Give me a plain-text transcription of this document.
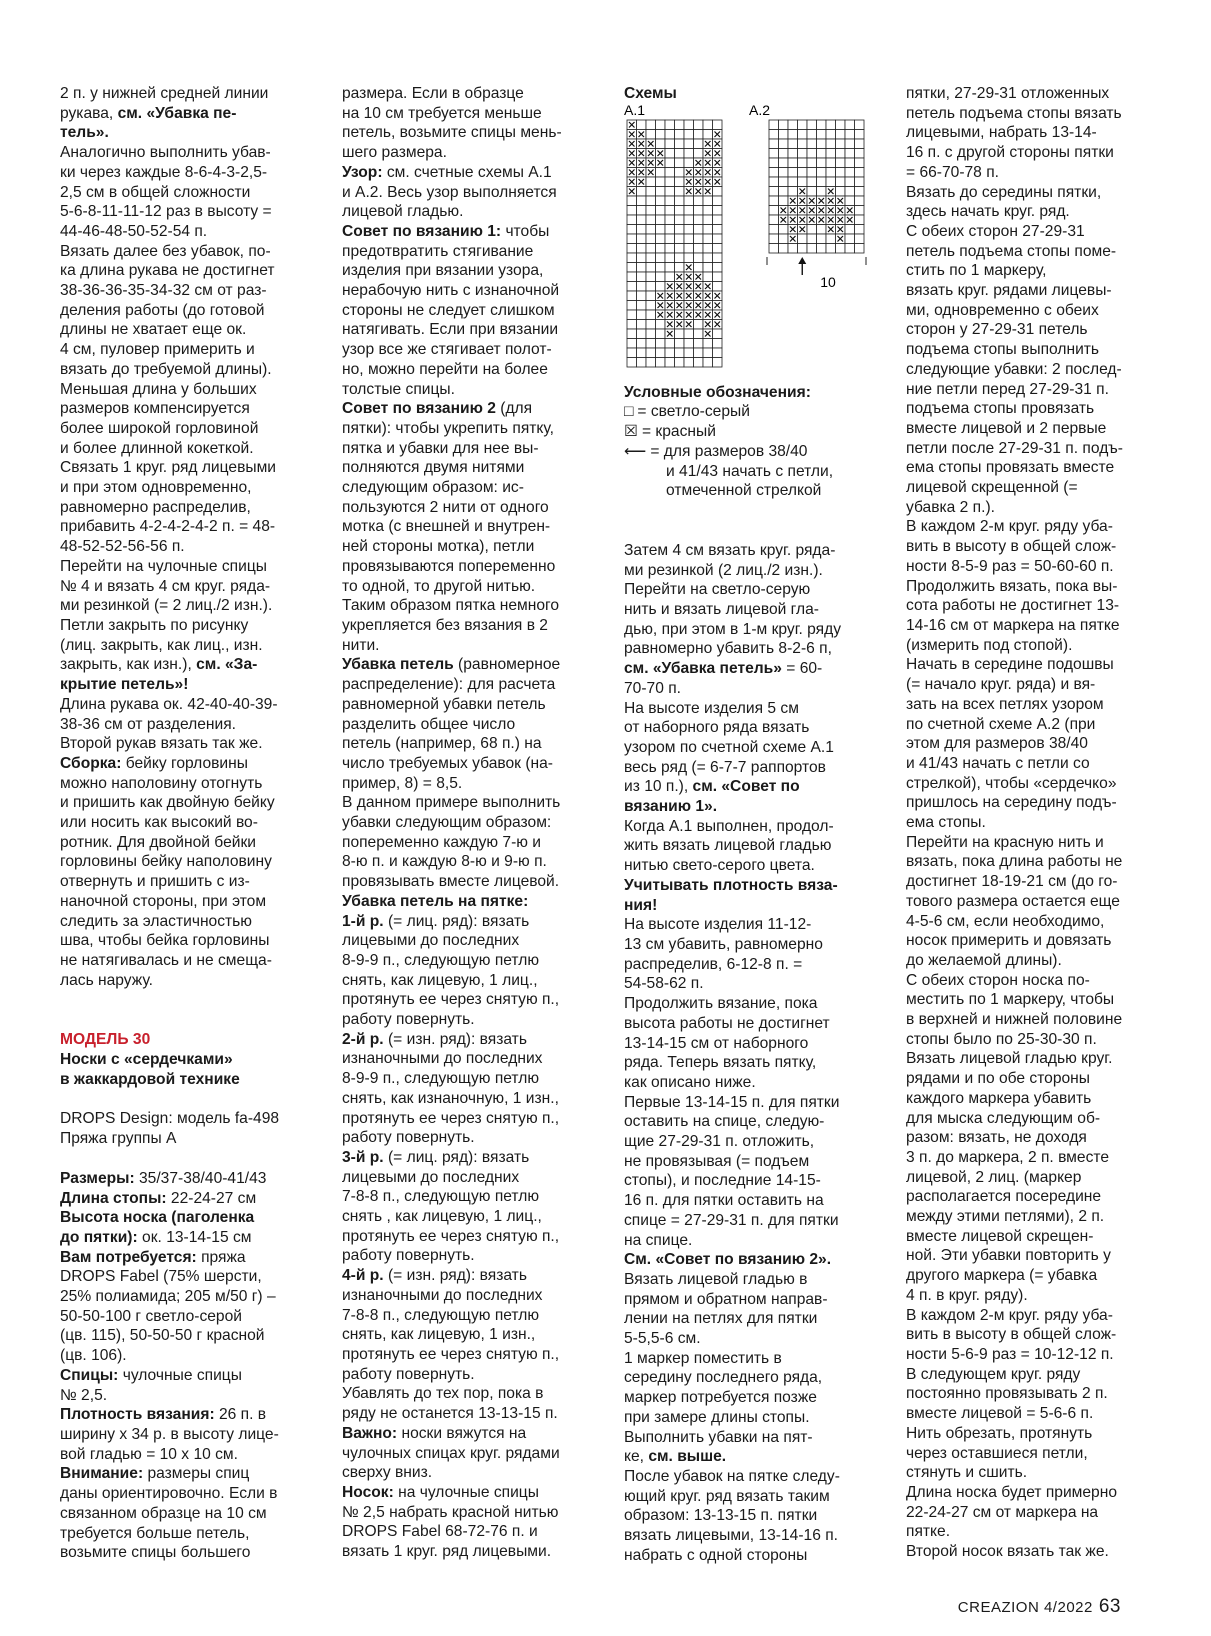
2 п. у нижней средней линии

рукава, см. «Убавка пе-

тель».

Аналогично выполнить убав-

ки через каждые 8-6-4-3-2,5-

2,5 см в общей сложности

5-6-8-11-11-12 раз в высоту =

44-46-48-50-52-54 п.

Вязать далее без убавок, по-

ка длина рукава не достигнет

38-36-36-35-34-32 см от раз-

деления работы (до готовой

длины не хватает еще ок.

4 см, пуловер примерить и

вязать до требуемой длины).

Меньшая длина у больших

размеров компенсируется

более широкой горловиной

и более длинной кокеткой.

Связать 1 круг. ряд лицевыми

и при этом одновременно,

равномерно распределив,

прибавить 4-2-4-2-4-2 п. = 48-

48-52-52-56-56 п.

Перейти на чулочные спицы

№ 4 и вязать 4 см круг. ряда-

ми резинкой (= 2 лиц./2 изн.).

Петли закрыть по рисунку

(лиц. закрыть, как лиц., изн.

закрыть, как изн.), см. «За-

крытие петель»!

Длина рукава ок. 42-40-40-39-

38-36 см от разделения.

Второй рукав вязать так же.

Сборка: бейку горловины

можно наполовину отогнуть

и пришить как двойную бейку

или носить как высокий во-

ротник. Для двойной бейки

горловины бейку наполовину

отвернуть и пришить с из-

наночной стороны, при этом

следить за эластичностью

шва, чтобы бейка горловины

не натягивалась и не смеща-

лась наружу.

МОДЕЛЬ 30

Носки с «сердечками»

в жаккардовой технике

DROPS Design: модель fa-498

Пряжа группы А

Размеры: 35/37-38/40-41/43

Длина стопы: 22-24-27 см

Высота носка (паголенка

до пятки): ок. 13-14-15 см

Вам потребуется: пряжа

DROPS Fabel (75% шерсти,

25% полиамида; 205 м/50 г) –

50-50-100 г светло-серой

(цв. 115), 50-50-50 г красной

(цв. 106).

Спицы: чулочные спицы

№ 2,5.

Плотность вязания: 26 п. в

ширину х 34 р. в высоту лице-

вой гладью = 10 х 10 см.

Внимание: размеры спиц

даны ориентировочно. Если в

связанном образце на 10 см

требуется больше петель,

возьмите спицы большего

размера. Если в образце

на 10 см требуется меньше

петель, возьмите спицы мень-

шего размера.

Узор: см. счетные схемы А.1

и А.2. Весь узор выполняется

лицевой гладью.

Совет по вязанию 1: чтобы

предотвратить стягивание

изделия при вязании узора,

нерабочую нить с изнаночной

стороны не следует слишком

натягивать. Если при вязании

узор все же стягивает полот-

но, можно перейти на более

толстые спицы.

Совет по вязанию 2 (для

пятки): чтобы укрепить пятку,

пятка и убавки для нее вы-

полняются двумя нитями

следующим образом: ис-

пользуются 2 нити от одного

мотка (с внешней и внутрен-

ней стороны мотка), петли

провязываются попеременно

то одной, то другой нитью.

Таким образом пятка немного

укрепляется без вязания в 2

нити.

Убавка петель (равномерное

распределение): для расчета

равномерной убавки петель

разделить общее число

петель (например, 68 п.) на

число требуемых убавок (на-

пример, 8) = 8,5.

В данном примере выполнить

убавки следующим образом:

попеременно каждую 7-ю и

8-ю п. и каждую 8-ю и 9-ю п.

провязывать вместе лицевой.

Убавка петель на пятке:

1-й р. (= лиц. ряд): вязать

лицевыми до последних

8-9-9 п., следующую петлю

снять, как лицевую, 1 лиц.,

протянуть ее через снятую п.,

работу повернуть.

2-й р. (= изн. ряд): вязать

изнаночными до последних

8-9-9 п., следующую петлю

снять, как изнаночную, 1 изн.,

протянуть ее через снятую п.,

работу повернуть.

3-й р. (= лиц. ряд): вязать

лицевыми до последних

7-8-8 п., следующую петлю

снять , как лицевую, 1 лиц.,

протянуть ее через снятую п.,

работу повернуть.

4-й р. (= изн. ряд): вязать

изнаночными до последних

7-8-8 п., следующую петлю

снять, как лицевую, 1 изн.,

протянуть ее через снятую п.,

работу повернуть.

Убавлять до тех пор, пока в

ряду не останется 13-13-15 п.

Важно: носки вяжутся на

чулочных спицах круг. рядами

сверху вниз.

Носок: на чулочные спицы

№ 2,5 набрать красной нитью

DROPS Fabel 68-72-76 п. и

вязать 1 круг. ряд лицевыми.

Схемы

А.1	А.2
10

Условные обозначения:

□ = светло-серый

☒ = красный

⟵ = для размеров 38/40

и 41/43 начать с петли,

отмеченной стрелкой

Затем 4 см вязать круг. ряда-

ми резинкой (2 лиц./2 изн.).

Перейти на светло-серую

нить и вязать лицевой гла-

дью, при этом в 1-м круг. ряду

равномерно убавить 8-2-6 п,

см. «Убавка петель» = 60-

70-70 п.

На высоте изделия 5 см

от наборного ряда вязать

узором по счетной схеме А.1

весь ряд (= 6-7-7 раппортов

из 10 п.), см. «Совет по

вязанию 1».

Когда А.1 выполнен, продол-

жить вязать лицевой гладью

нитью свето-серого цвета.

Учитывать плотность вяза-

ния!

На высоте изделия 11-12-

13 см убавить, равномерно

распределив, 6-12-8 п. =

54-58-62 п.

Продолжить вязание, пока

высота работы не достигнет

13-14-15 см от наборного

ряда. Теперь вязать пятку,

как описано ниже.

Первые 13-14-15 п. для пятки

оставить на спице, следую-

щие 27-29-31 п. отложить,

не провязывая (= подъем

стопы), и последние 14-15-

16 п. для пятки оставить на

спице = 27-29-31 п. для пятки

на спице.

См. «Совет по вязанию 2».

Вязать лицевой гладью в

прямом и обратном направ-

лении на петлях для пятки

5-5,5-6 см.

1 маркер поместить в

середину последнего ряда,

маркер потребуется позже

при замере длины стопы.

Выполнить убавки на пят-

ке, см. выше.

После убавок на пятке следу-

ющий круг. ряд вязать таким

образом: 13-13-15 п. пятки

вязать лицевыми, 13-14-16 п.

набрать с одной стороны

пятки, 27-29-31 отложенных

петель подъема стопы вязать

лицевыми, набрать 13-14-

16 п. с другой стороны пятки

= 66-70-78 п.

Вязать до середины пятки,

здесь начать круг. ряд.

С обеих сторон 27-29-31

петель подъема стопы поме-

стить по 1 маркеру,

вязать круг. рядами лицевы-

ми, одновременно с обеих

сторон у 27-29-31 петель

подъема стопы выполнить

следующие убавки: 2 послед-

ние петли перед 27-29-31 п.

подъема стопы провязать

вместе лицевой и 2 первые

петли после 27-29-31 п. подъ-

ема стопы провязать вместе

лицевой скрещенной (=

убавка 2 п.).

В каждом 2-м круг. ряду уба-

вить в высоту в общей слож-

ности 8-5-9 раз = 50-60-60 п.

Продолжить вязать, пока вы-

сота работы не достигнет 13-

14-16 см от маркера на пятке

(измерить под стопой).

Начать в середине подошвы

(= начало круг. ряда) и вя-

зать на всех петлях узором

по счетной схеме А.2 (при

этом для размеров 38/40

и 41/43 начать с петли со

стрелкой), чтобы «сердечко»

пришлось на середину подъ-

ема стопы.

Перейти на красную нить и

вязать, пока длина работы не

достигнет 18-19-21 см (до го-

тового размера остается еще

4-5-6 см, если необходимо,

носок примерить и довязать

до желаемой длины).

С обеих сторон носка по-

местить по 1 маркеру, чтобы

в верхней и нижней половине

стопы было по 25-30-30 п.

Вязать лицевой гладью круг.

рядами и по обе стороны

каждого маркера убавить

для мыска следующим об-

разом: вязать, не доходя

3 п. до маркера, 2 п. вместе

лицевой, 2 лиц. (маркер

располагается посередине

между этими петлями), 2 п.

вместе лицевой скрещен-

ной. Эти убавки повторить у

другого маркера (= убавка

4 п. в круг. ряду).

В каждом 2-м круг. ряду уба-

вить в высоту в общей слож-

ности 5-6-9 раз = 10-12-12 п.

В следующем круг. ряду

постоянно провязывать 2 п.

вместе лицевой = 5-6-6 п.

Нить обрезать, протянуть

через оставшиеся петли,

стянуть и сшить.

Длина носка будет примерно

22-24-27 см от маркера на

пятке.

Второй носок вязать так же.

CREAZION 4/2022 63
